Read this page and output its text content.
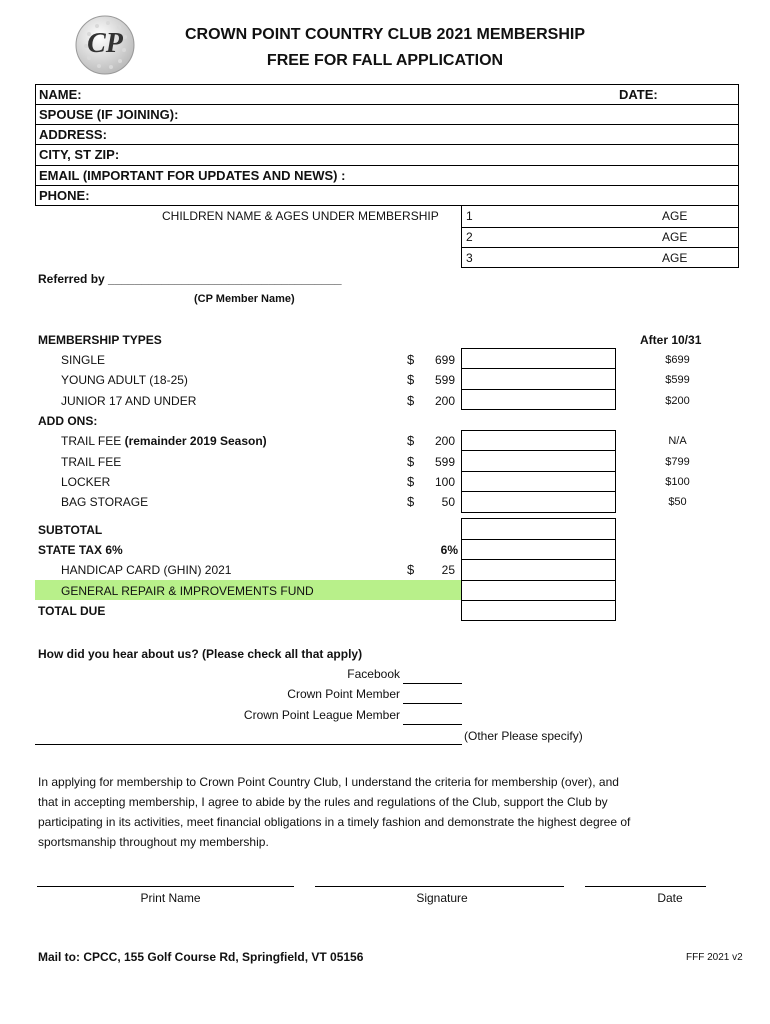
CP	CROWN POINT COUNTRY CLUB 2021 MEMBERSHIP
FREE FOR FALL APPLICATION
NAME:	DATE:
SPOUSE (IF JOINING):
ADDRESS:
CITY, ST ZIP:
EMAIL (IMPORTANT FOR UPDATES AND NEWS) :
PHONE:
CHILDREN NAME & AGES UNDER MEMBERSHIP 1	AGE
2	AGE
3	AGE
Referred by ___________________________________
(CP Member Name)
MEMBERSHIP TYPES	After 10/31
SINGLE	$	699	$699
YOUNG ADULT (18-25)	$	599	$599
JUNIOR 17 AND UNDER	$	200	$200
ADD ONS:
TRAIL FEE (remainder 2019 Season)	$	200	N/A
TRAIL FEE	$	599	$799
LOCKER	$	100	$100
BAG STORAGE	$	50	$50
SUBTOTAL
STATE TAX 6%	6%
HANDICAP CARD (GHIN) 2021	$	25
GENERAL REPAIR & IMPROVEMENTS FUND
TOTAL DUE
How did you hear about us? (Please check all that apply)
Facebook
Crown Point Member
Crown Point League Member
(Other Please specify)
In applying for membership to Crown Point Country Club, I understand the criteria for membership (over), and
that in accepting membership, I agree to abide by the rules and regulations of the Club, support the Club by
participating in its activities, meet financial obligations in a timely fashion and demonstrate the highest degree of
sportsmanship throughout my membership.
Print Name	Signature	Date
Mail to: CPCC, 155 Golf Course Rd, Springfield, VT 05156	FFF 2021 v2
